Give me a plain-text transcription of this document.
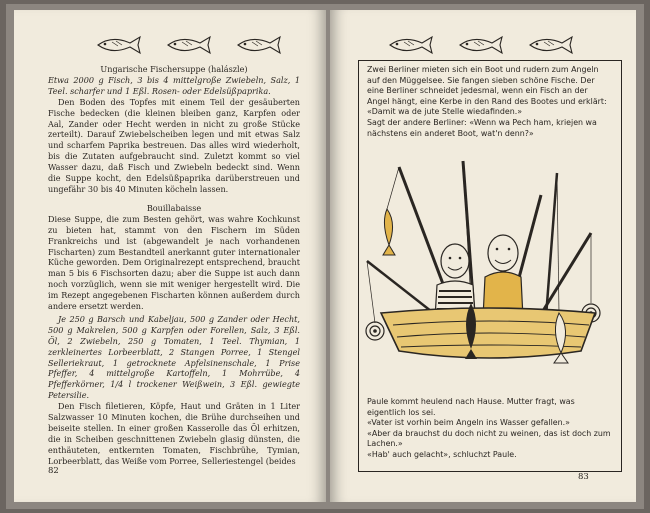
Ungarische Fischersuppe (halászle)

Etwa 2000 g Fisch, 3 bis 4 mittelgroße Zwiebeln, Salz, 1 Teel. scharfer und 1 Eßl. Rosen- oder Edelsüßpaprika.

Den Boden des Topfes mit einem Teil der gesäuberten Fische bedecken (die kleinen bleiben ganz, Karpfen oder Aal, Zander oder Hecht werden in nicht zu große Stücke zerteilt). Darauf Zwiebelscheiben legen und mit etwas Salz und scharfem Paprika bestreuen. Das alles wird wiederholt, bis die Zutaten aufgebraucht sind. Zuletzt kommt so viel Wasser dazu, daß Fisch und Zwiebeln bedeckt sind. Wenn die Suppe kocht, den Edelsüßpaprika darüberstreuen und ungefähr 30 bis 40 Minuten köcheln lassen.

Bouillabaisse

Diese Suppe, die zum Besten gehört, was wahre Kochkunst zu bieten hat, stammt von den Fischern im Süden Frankreichs und ist (abgewandelt je nach vorhandenen Fischarten) zum Bestandteil anerkannt guter internationaler Küche geworden. Dem Originalrezept entsprechend, braucht man 5 bis 6 Fischsorten dazu; aber die Suppe ist auch dann noch vorzüglich, wenn sie mit weniger hergestellt wird. Die im Rezept angegebenen Fischarten können außerdem durch andere ersetzt werden.

Je 250 g Barsch und Kabeljau, 500 g Zander oder Hecht, 500 g Makrelen, 500 g Karpfen oder Forellen, Salz, 3 Eßl. Öl, 2 Zwiebeln, 250 g Tomaten, 1 Teel. Thymian, 1 zerkleinertes Lorbeerblatt, 2 Stangen Porree, 1 Stengel Selleriekraut, 1 getrocknete Apfelsinenschale, 1 Prise Pfeffer, 4 mittelgroße Kartoffeln, 1 Mohrrübe, 4 Pfefferkörner, 1/4 l trockener Weißwein, 3 Eßl. gewiegte Petersilie.

Den Fisch filetieren, Köpfe, Haut und Gräten in 1 Liter Salzwasser 10 Minuten kochen, die Brühe durchseihen und beiseite stellen. In einer großen Kasserolle das Öl erhitzen, die in Scheiben geschnittenen Zwiebeln glasig dünsten, die enthäuteten, entkernten Tomaten, Fischbrühe, Tymian, Lorbeerblatt, das Weiße vom Porree, Selleriestengel (beides

82

Zwei Berliner mieten sich ein Boot und rudern zum Angeln auf den Müggelsee. Sie fangen sieben schöne Fische. Der eine Berliner schneidet jedesmal, wenn ein Fisch an der Angel hängt, eine Kerbe in den Rand des Bootes und erklärt:

«Damit wa de jute Stelle wiedafinden.»

Sagt der andere Berliner: «Wenn wa Pech ham, kriejen wa nächstens ein anderet Boot, wat'n denn?»

Paule kommt heulend nach Hause. Mutter fragt, was eigentlich los sei.

«Vater ist vorhin beim Angeln ins Wasser gefallen.»

«Aber da brauchst du doch nicht zu weinen, das ist doch zum Lachen.»

«Hab' auch gelacht», schluchzt Paule.

83
